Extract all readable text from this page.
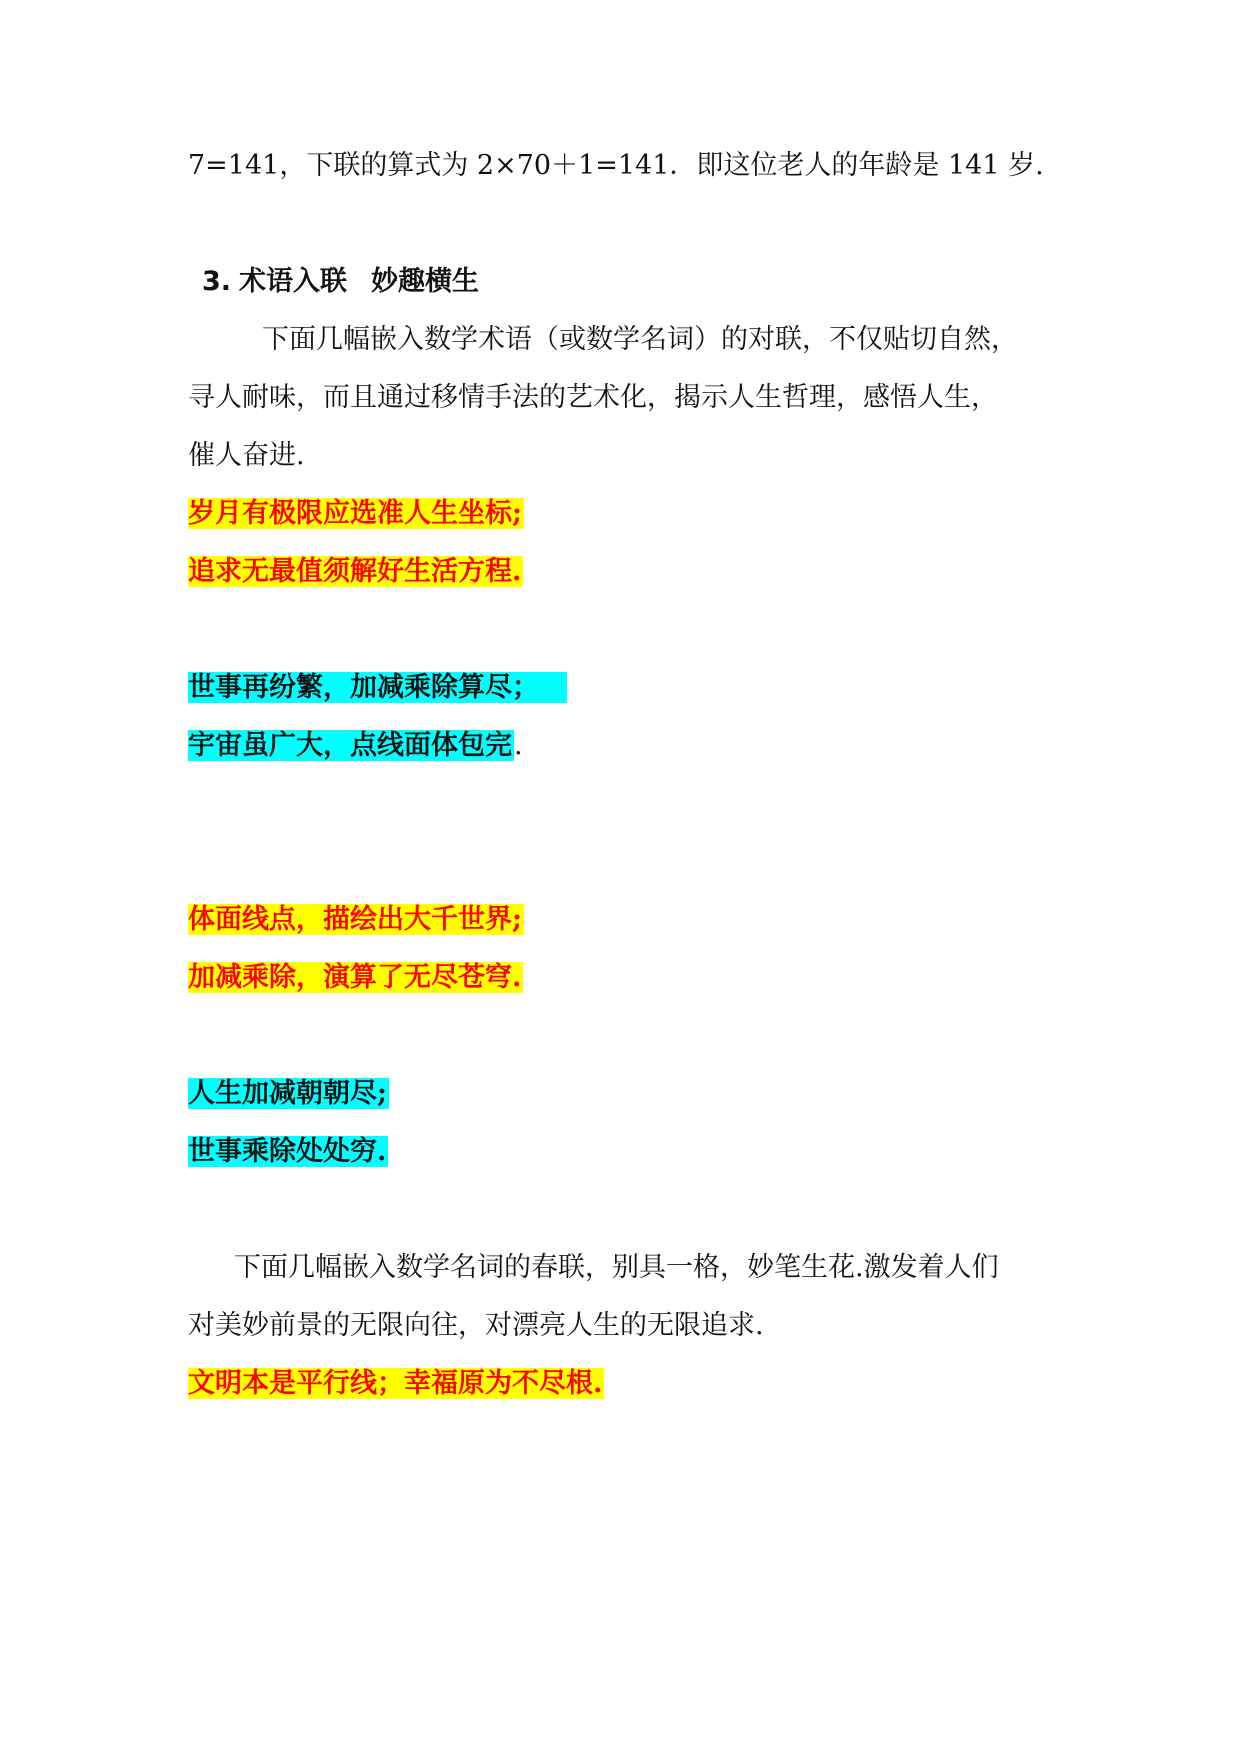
7=141，下联的算式为 2×70＋1=141．即这位老人的年龄是 141 岁.
3. 术语入联 妙趣横生
下面几幅嵌入数学术语（或数学名词）的对联，不仅贴切自然，
寻人耐味，而且通过移情手法的艺术化，揭示人生哲理，感悟人生，
催人奋进.
岁月有极限应选准人生坐标;
追求无最值须解好生活方程.
世事再纷繁，加减乘除算尽；
宇宙虽广大，点线面体包完.
体面线点，描绘出大千世界;
加减乘除，演算了无尽苍穹.
人生加减朝朝尽;
世事乘除处处穷.
下面几幅嵌入数学名词的春联，别具一格，妙笔生花.激发着人们
对美妙前景的无限向往，对漂亮人生的无限追求.
文明本是平行线；幸福原为不尽根.
